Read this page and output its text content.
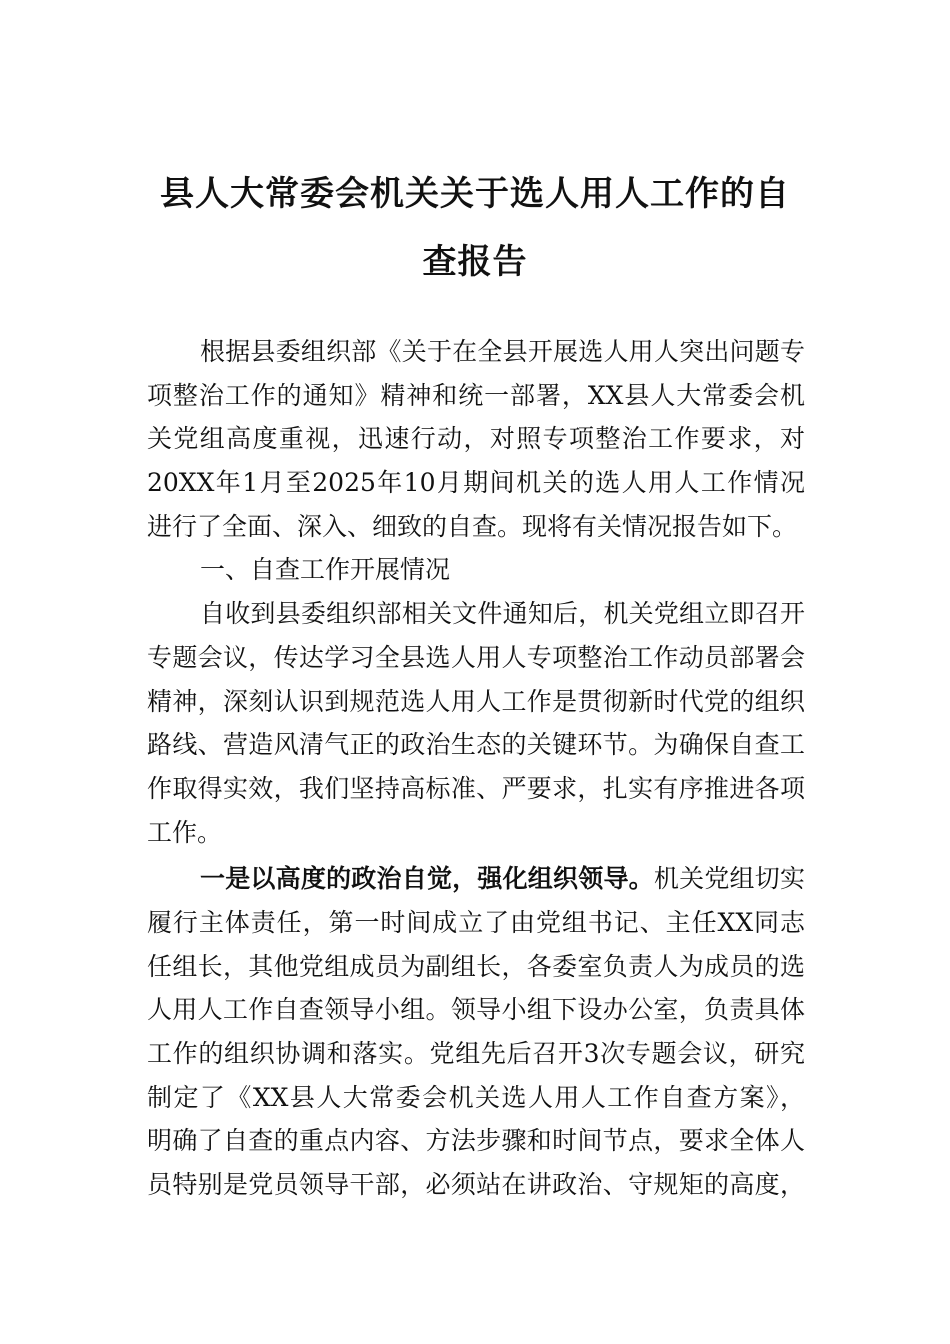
县人大常委会机关关于选人用人工作的自
查报告
根据县委组织部《关于在全县开展选人用人突出问题专
项整治工作的通知》精神和统一部署，XX县人大常委会机
关党组高度重视，迅速行动，对照专项整治工作要求，对
20XX年1月至2025年10月期间机关的选人用人工作情况
进行了全面、深入、细致的自查。现将有关情况报告如下。
一、自查工作开展情况
自收到县委组织部相关文件通知后，机关党组立即召开
专题会议，传达学习全县选人用人专项整治工作动员部署会
精神，深刻认识到规范选人用人工作是贯彻新时代党的组织
路线、营造风清气正的政治生态的关键环节。为确保自查工
作取得实效，我们坚持高标准、严要求，扎实有序推进各项
工作。
一是以高度的政治自觉，强化组织领导。机关党组切实
履行主体责任，第一时间成立了由党组书记、主任XX同志
任组长，其他党组成员为副组长，各委室负责人为成员的选
人用人工作自查领导小组。领导小组下设办公室，负责具体
工作的组织协调和落实。党组先后召开3次专题会议，研究
制定了《XX县人大常委会机关选人用人工作自查方案》，
明确了自查的重点内容、方法步骤和时间节点，要求全体人
员特别是党员领导干部，必须站在讲政治、守规矩的高度，
